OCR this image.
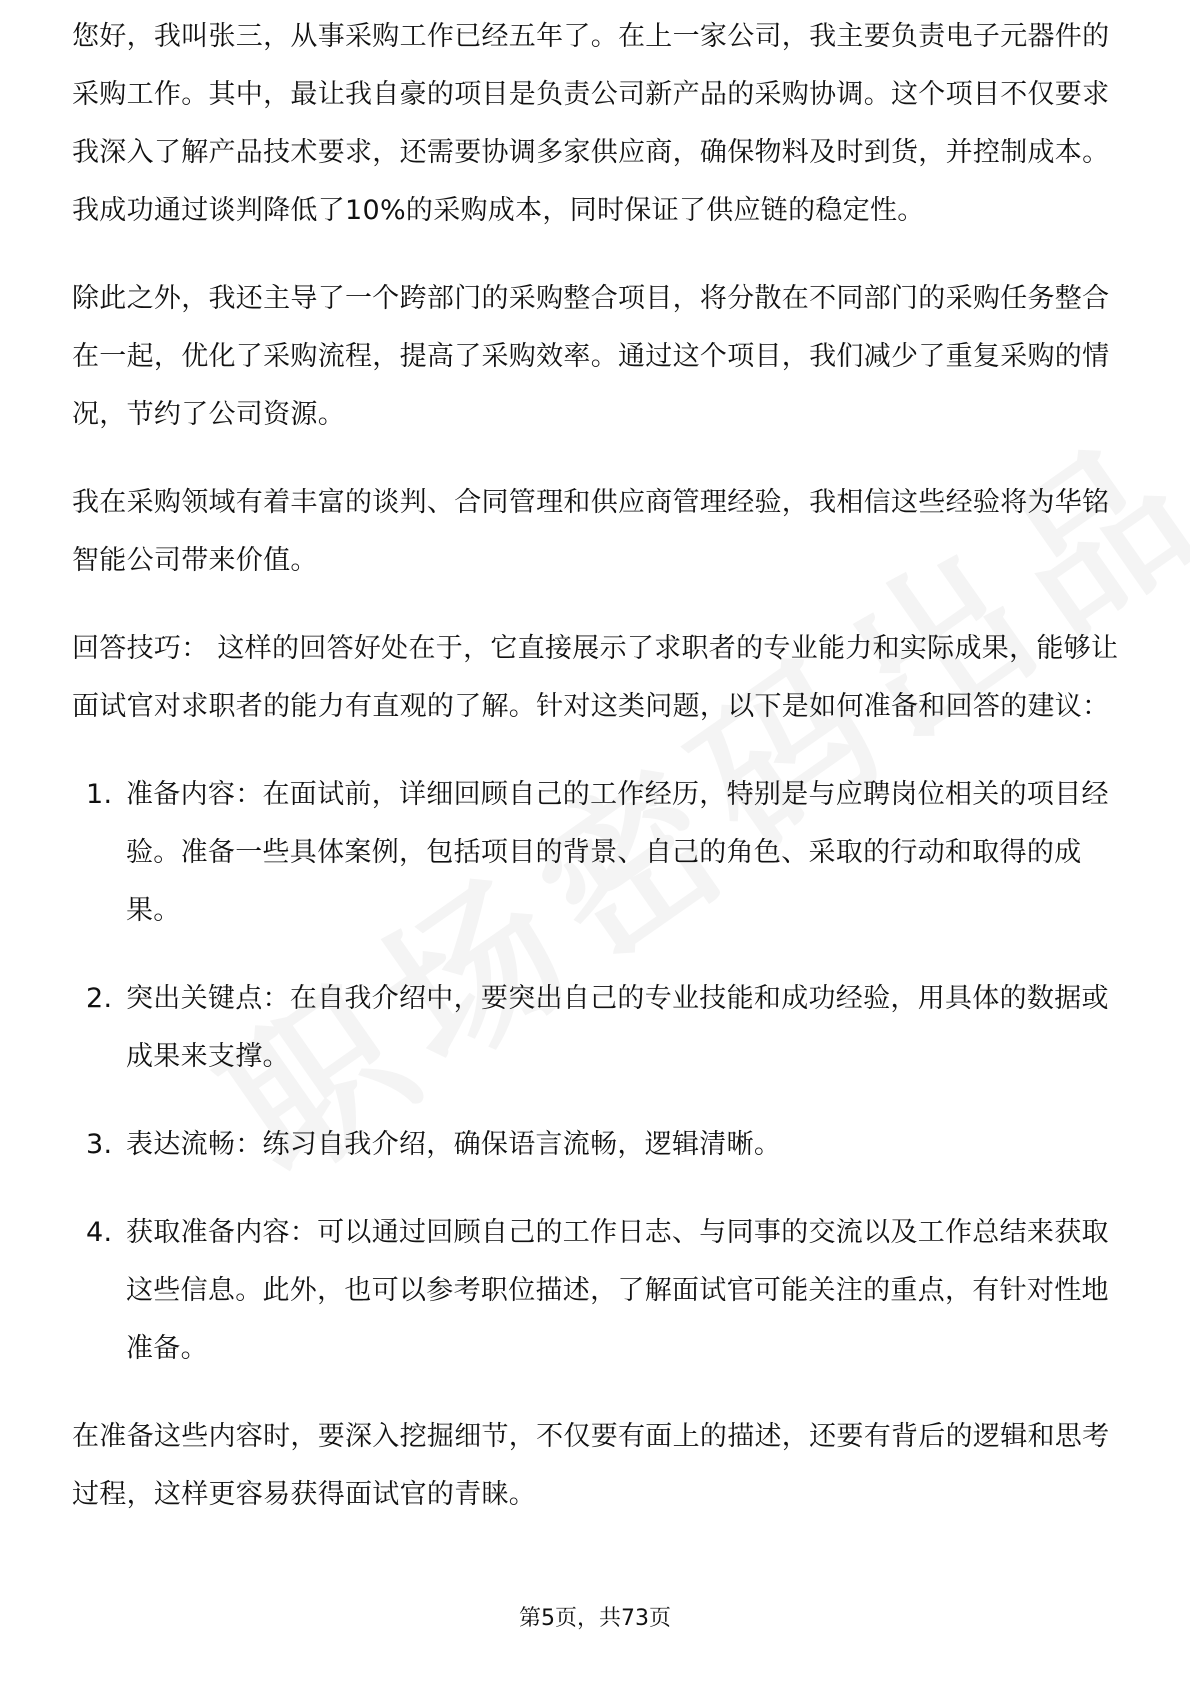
您好，我叫张三，从事采购工作已经五年了。在上一家公司，我主要负责电子元器件的采购工作。其中，最让我自豪的项目是负责公司新产品的采购协调。这个项目不仅要求我深入了解产品技术要求，还需要协调多家供应商，确保物料及时到货，并控制成本。我成功通过谈判降低了10%的采购成本，同时保证了供应链的稳定性。

除此之外，我还主导了一个跨部门的采购整合项目，将分散在不同部门的采购任务整合在一起，优化了采购流程，提高了采购效率。通过这个项目，我们减少了重复采购的情况，节约了公司资源。

我在采购领域有着丰富的谈判、合同管理和供应商管理经验，我相信这些经验将为华铭智能公司带来价值。

回答技巧： 这样的回答好处在于，它直接展示了求职者的专业能力和实际成果，能够让面试官对求职者的能力有直观的了解。针对这类问题，以下是如何准备和回答的建议：

1. 准备内容：在面试前，详细回顾自己的工作经历，特别是与应聘岗位相关的项目经验。准备一些具体案例，包括项目的背景、自己的角色、采取的行动和取得的成果。
2. 突出关键点：在自我介绍中，要突出自己的专业技能和成功经验，用具体的数据或成果来支撑。
3. 表达流畅：练习自我介绍，确保语言流畅，逻辑清晰。
4. 获取准备内容：可以通过回顾自己的工作日志、与同事的交流以及工作总结来获取这些信息。此外，也可以参考职位描述，了解面试官可能关注的重点，有针对性地准备。

在准备这些内容时，要深入挖掘细节，不仅要有面上的描述，还要有背后的逻辑和思考过程，这样更容易获得面试官的青睐。

第5页，共73页
